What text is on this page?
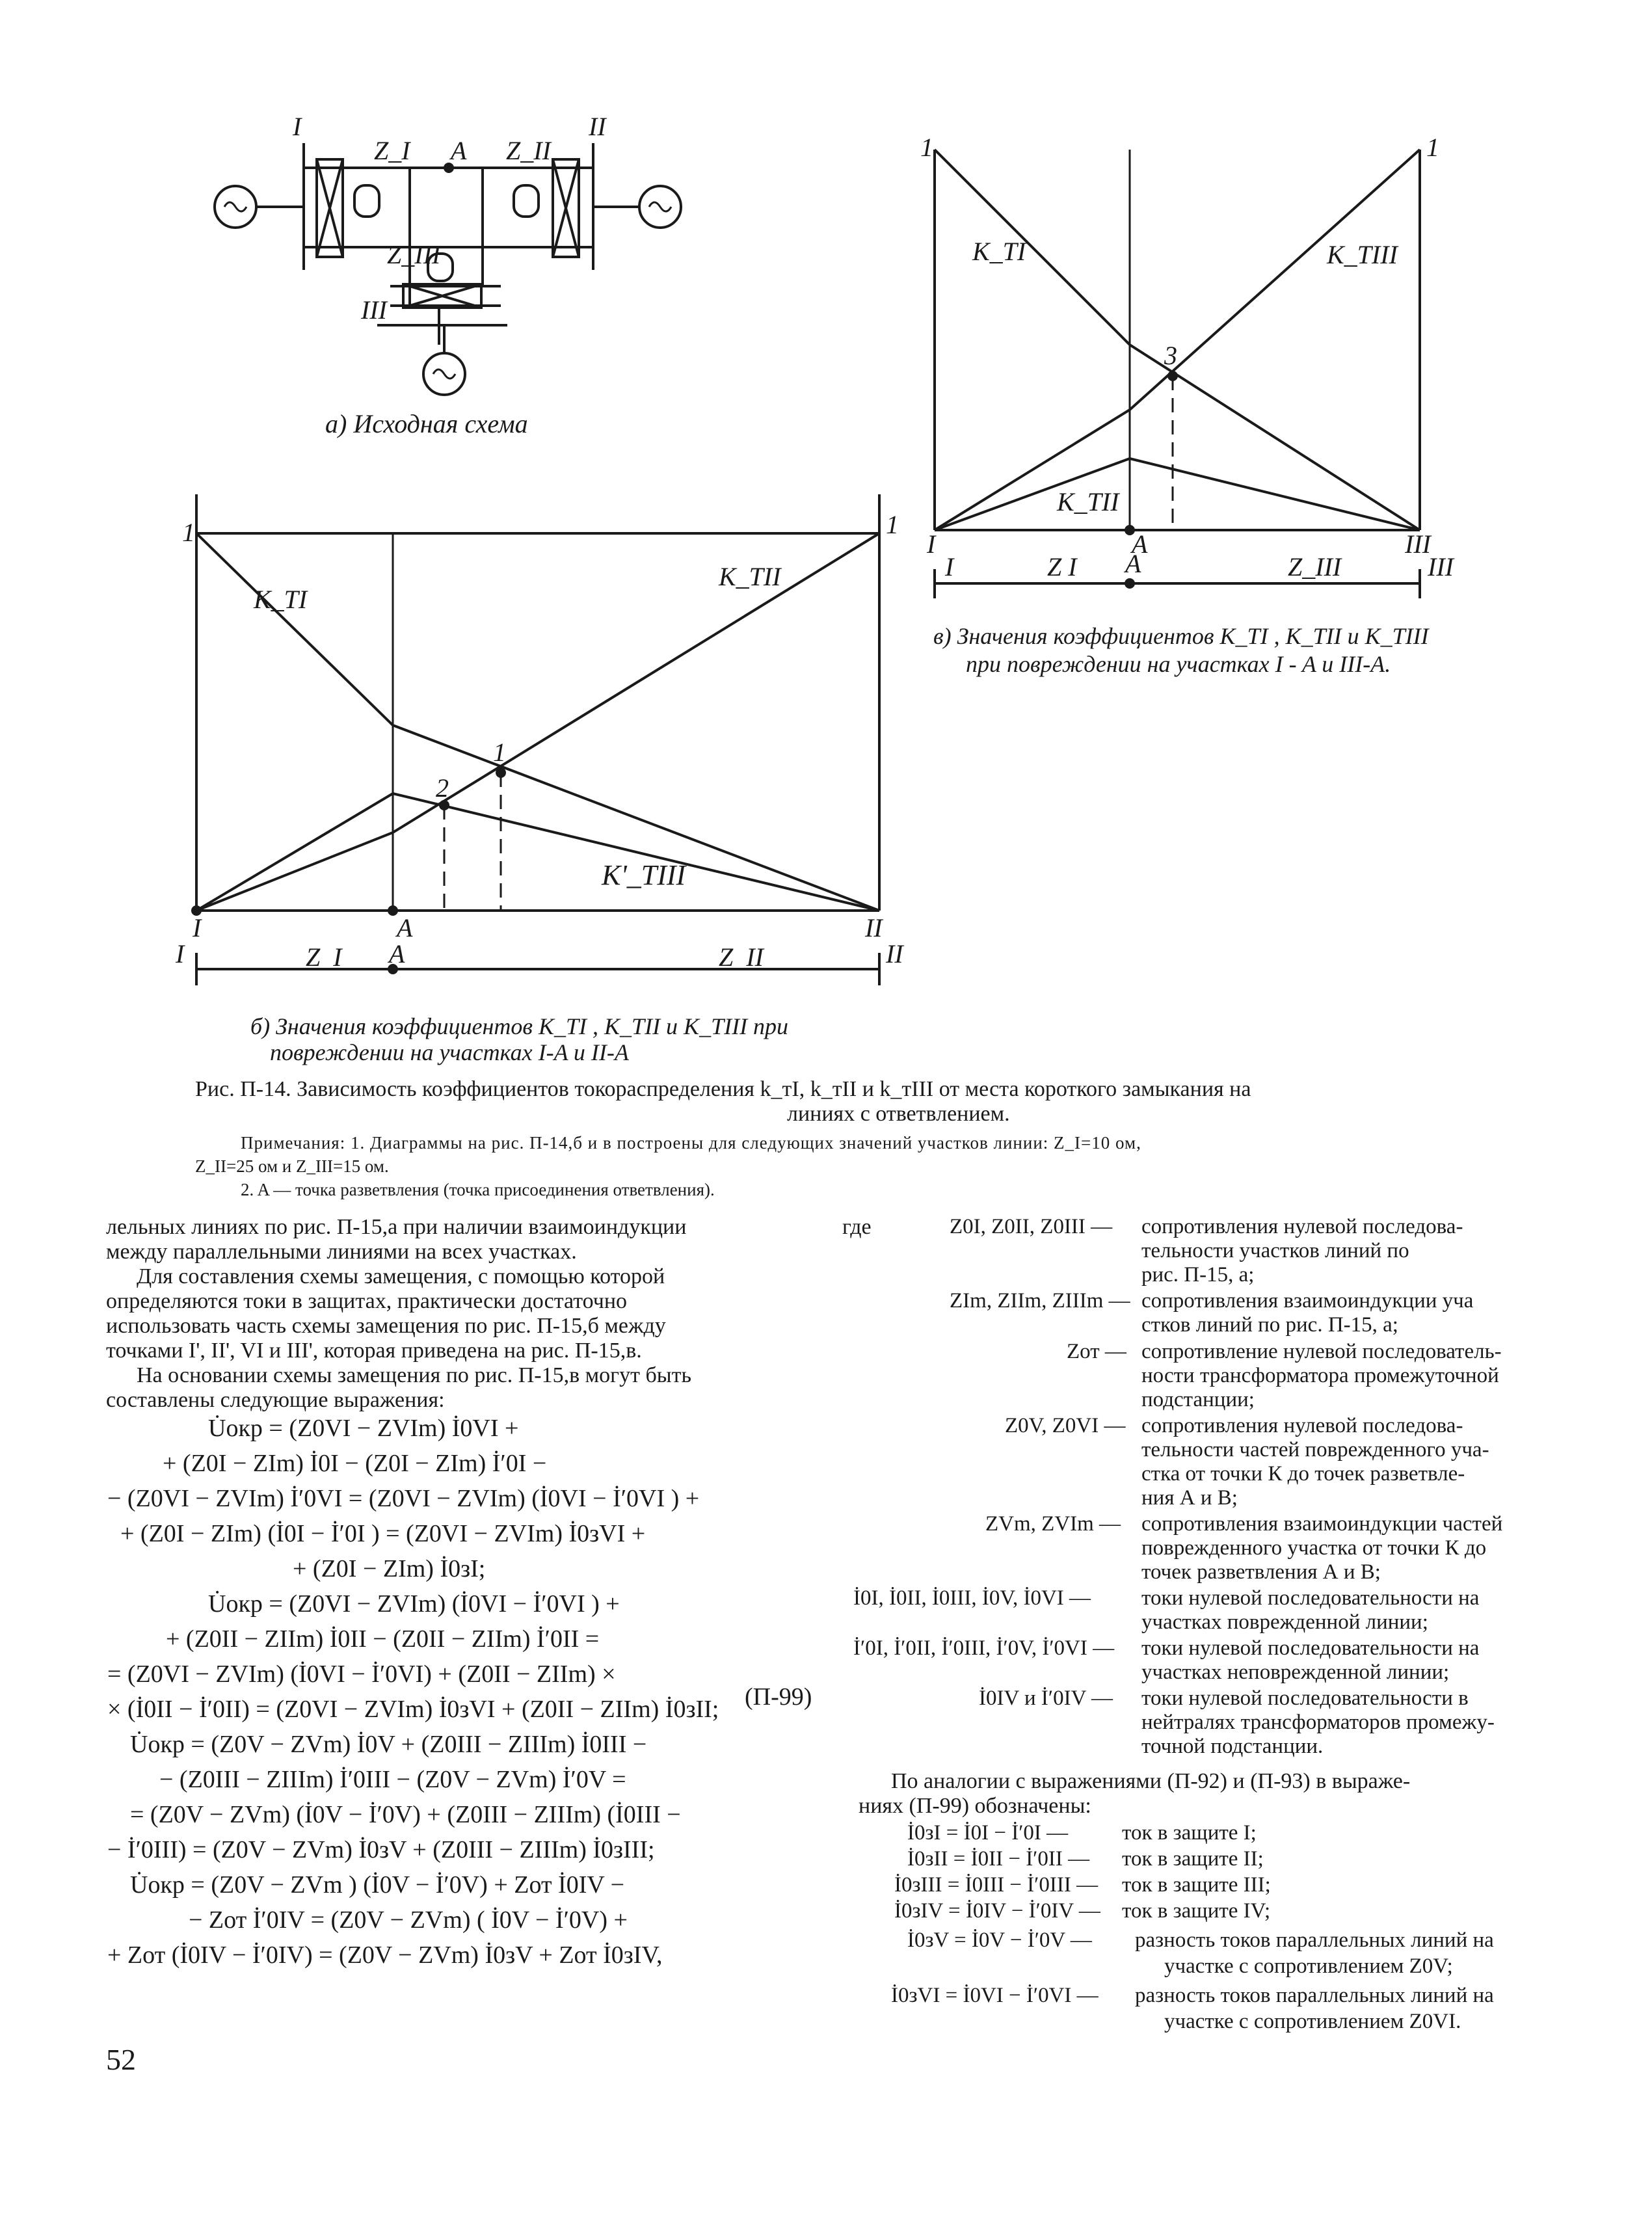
I	II
III
Z_I	Z_II
Z_III
A
а) Исходная схема
1	1
K_TI
K_TII
K'_TIII
1
2
I	A	II
I	A	II
Z_I	Z_II
б) Значения коэффициентов K_TI , K_TII и K_TIII при
повреждении на участках I-A и II-A
1	1
K_TI	K_TIII
K_TII
3
I	A	III
I	A	III
Z I	Z_III
в) Значения коэффициентов K_TI , K_TII и K_TIII
при повреждении на участках I - A и III-A.
Рис. П-14. Зависимость коэффициентов токораспределения k_тI, k_тII и k_тIII от места короткого замыкания на
линиях с ответвлением.
Примечания: 1. Диаграммы на рис. П-14,б и в построены для следующих значений участков линии: Z_I=10 ом,
Z_II=25 ом и Z_III=15 ом.
2. A — точка разветвления (точка присоединения ответвления).
лельных линиях по рис. П-15,а при наличии взаимоиндукции
между параллельными линиями на всех участках.
Для составления схемы замещения, с помощью которой
определяются токи в защитах, практически достаточно
использовать часть схемы замещения по рис. П-15,б между
точками I', II', VI и III', которая приведена на рис. П-15,в.
На основании схемы замещения по рис. П-15,в могут быть
составлены следующие выражения:
U̇окр = (Z0VI − ZVIm) İ0VI +
+ (Z0I − ZIm) İ0I − (Z0I − ZIm) İ′0I −
− (Z0VI − ZVIm) İ′0VI = (Z0VI − ZVIm) (İ0VI − İ′0VI ) +
+ (Z0I − ZIm) (İ0I − İ′0I ) = (Z0VI − ZVIm) İ0зVI +
+ (Z0I − ZIm) İ0зI;
U̇окр = (Z0VI − ZVIm) (İ0VI − İ′0VI ) +
+ (Z0II − ZIIm) İ0II − (Z0II − ZIIm) İ′0II =
= (Z0VI − ZVIm) (İ0VI − İ′0VI) + (Z0II − ZIIm) ×
× (İ0II − İ′0II) = (Z0VI − ZVIm) İ0зVI + (Z0II − ZIIm) İ0зII;
U̇окр = (Z0V − ZVm) İ0V + (Z0III − ZIIIm) İ0III −
− (Z0III − ZIIIm) İ′0III − (Z0V − ZVm) İ′0V =
= (Z0V − ZVm) (İ0V − İ′0V) + (Z0III − ZIIIm) (İ0III −
− İ′0III) = (Z0V − ZVm) İ0зV + (Z0III − ZIIIm) İ0зIII;
U̇окр = (Z0V − ZVm ) (İ0V − İ′0V) + Zот İ0IV −
− Zот İ′0IV = (Z0V − ZVm) ( İ0V − İ′0V) +
+ Zот (İ0IV − İ′0IV) = (Z0V − ZVm) İ0зV + Zот İ0зIV,
(П-99)
где	Z0I, Z0II, Z0III — сопротивления нулевой последова-
тельности участков линий по
рис. П-15, а;
ZIm, ZIIm, ZIIIm — сопротивления взаимоиндукции уча
стков линий по рис. П-15, а;
Zот — сопротивление нулевой последователь-
ности трансформатора промежуточной
подстанции;
Z0V, Z0VI — сопротивления нулевой последова-
тельности частей поврежденного уча-
стка от точки К до точек разветвле-
ния А и В;
ZVm, ZVIm — сопротивления взаимоиндукции частей
поврежденного участка от точки К до
точек разветвления А и В;
İ0I, İ0II, İ0III, İ0V, İ0VI — токи нулевой последовательности на
участках поврежденной линии;
İ′0I, İ′0II, İ′0III, İ′0V, İ′0VI — токи нулевой последовательности на
участках неповрежденной линии;
İ0IV и İ′0IV — токи нулевой последовательности в
нейтралях трансформаторов промежу-
точной подстанции.
По аналогии с выражениями (П-92) и (П-93) в выраже-
ниях (П-99) обозначены:
İ0зI = İ0I − İ′0I —	ток в защите I;
İ0зII = İ0II − İ′0II — ток в защите II;
İ0зIII = İ0III − İ′0III — ток в защите III;
İ0зIV = İ0IV − İ′0IV — ток в защите IV;
İ0зV = İ0V − İ′0V — разность токов параллельных линий на
участке с сопротивлением Z0V;
İ0зVI = İ0VI − İ′0VI — разность токов параллельных линий на
участке с сопротивлением Z0VI.
52
